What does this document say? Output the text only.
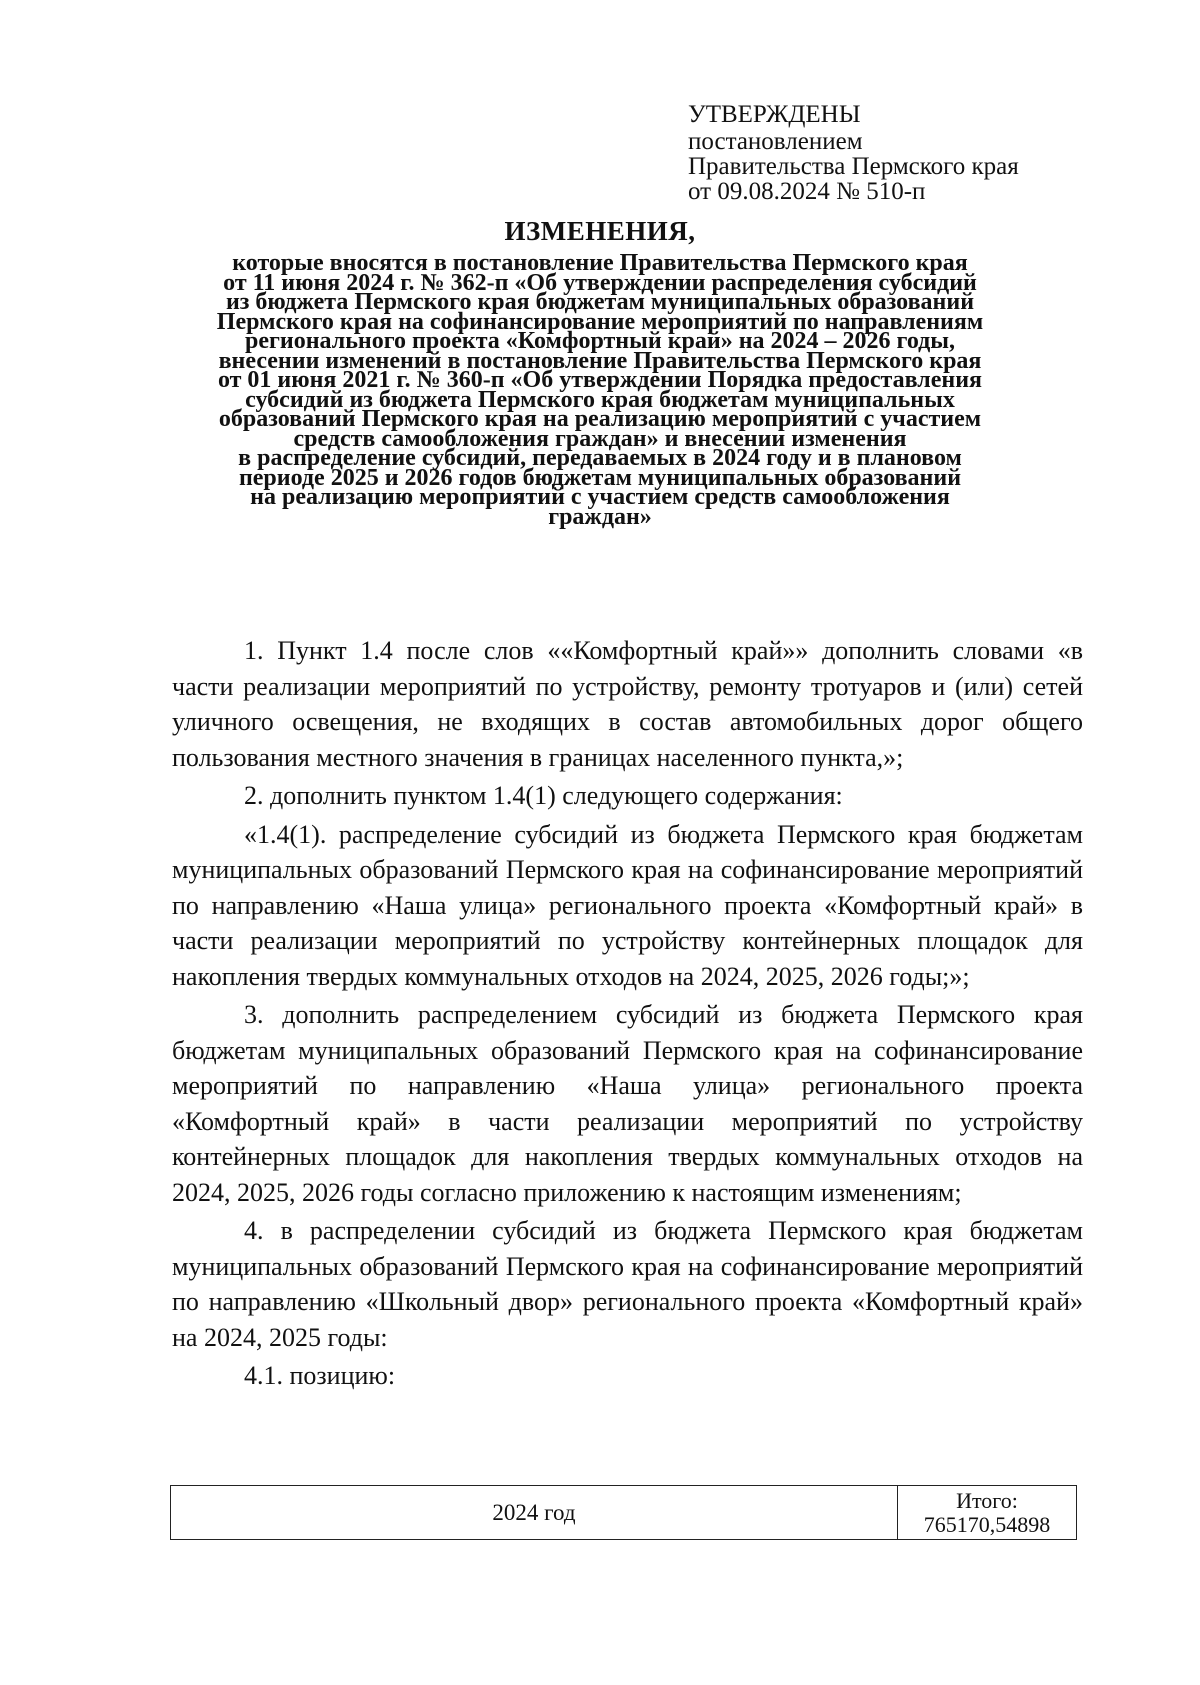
УТВЕРЖДЕНЫ
постановлением
Правительства Пермского края
от 09.08.2024 № 510-п
ИЗМЕНЕНИЯ,
которые вносятся в постановление Правительства Пермского края
от 11 июня 2024 г. № 362-п «Об утверждении распределения субсидий
из бюджета Пермского края бюджетам муниципальных образований
Пермского края на софинансирование мероприятий по направлениям
регионального проекта «Комфортный край» на 2024 – 2026 годы,
внесении изменений в постановление Правительства Пермского края
от 01 июня 2021 г. № 360-п «Об утверждении Порядка предоставления
субсидий из бюджета Пермского края бюджетам муниципальных
образований Пермского края на реализацию мероприятий с участием
средств самообложения граждан» и внесении изменения
в распределение субсидий, передаваемых в 2024 году и в плановом
периоде 2025 и 2026 годов бюджетам муниципальных образований
на реализацию мероприятий с участием средств самообложения
граждан»

1. Пункт 1.4 после слов ««Комфортный край»» дополнить словами «в части реализации мероприятий по устройству, ремонту тротуаров и (или) сетей уличного освещения, не входящих в состав автомобильных дорог общего пользования местного значения в границах населенного пункта,»;

2. дополнить пунктом 1.4(1) следующего содержания:

«1.4(1). распределение субсидий из бюджета Пермского края бюджетам муниципальных образований Пермского края на софинансирование мероприятий по направлению «Наша улица» регионального проекта «Комфортный край» в части реализации мероприятий по устройству контейнерных площадок для накопления твердых коммунальных отходов на 2024, 2025, 2026 годы;»;

3. дополнить распределением субсидий из бюджета Пермского края бюджетам муниципальных образований Пермского края на софинансирование мероприятий по направлению «Наша улица» регионального проекта «Комфортный край» в части реализации мероприятий по устройству контейнерных площадок для накопления твердых коммунальных отходов на 2024, 2025, 2026 годы согласно приложению к настоящим изменениям;

4. в распределении субсидий из бюджета Пермского края бюджетам муниципальных образований Пермского края на софинансирование мероприятий по направлению «Школьный двор» регионального проекта «Комфортный край» на 2024, 2025 годы:

4.1. позицию:

2024 год	Итого:
765170,54898
